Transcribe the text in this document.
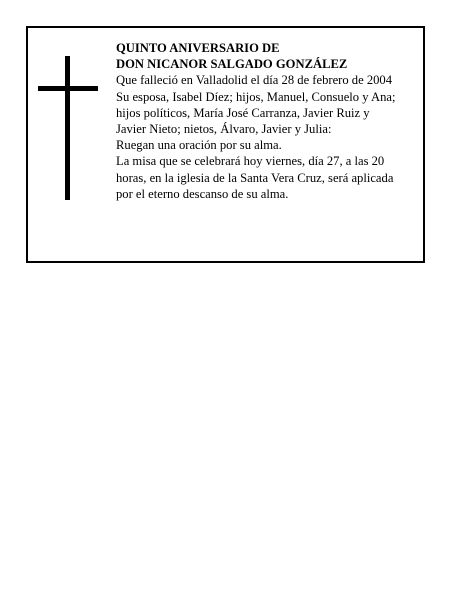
QUINTO ANIVERSARIO DE
DON NICANOR SALGADO GONZÁLEZ
Que falleció en Valladolid el día 28 de febrero de 2004
Su esposa, Isabel Díez; hijos, Manuel, Consuelo y Ana;
hijos políticos, María José Carranza, Javier Ruiz y
Javier Nieto; nietos, Álvaro, Javier y Julia:
Ruegan una oración por su alma.
La misa que se celebrará hoy viernes, día 27, a las 20
horas, en la iglesia de la Santa Vera Cruz, será aplicada
por el eterno descanso de su alma.
